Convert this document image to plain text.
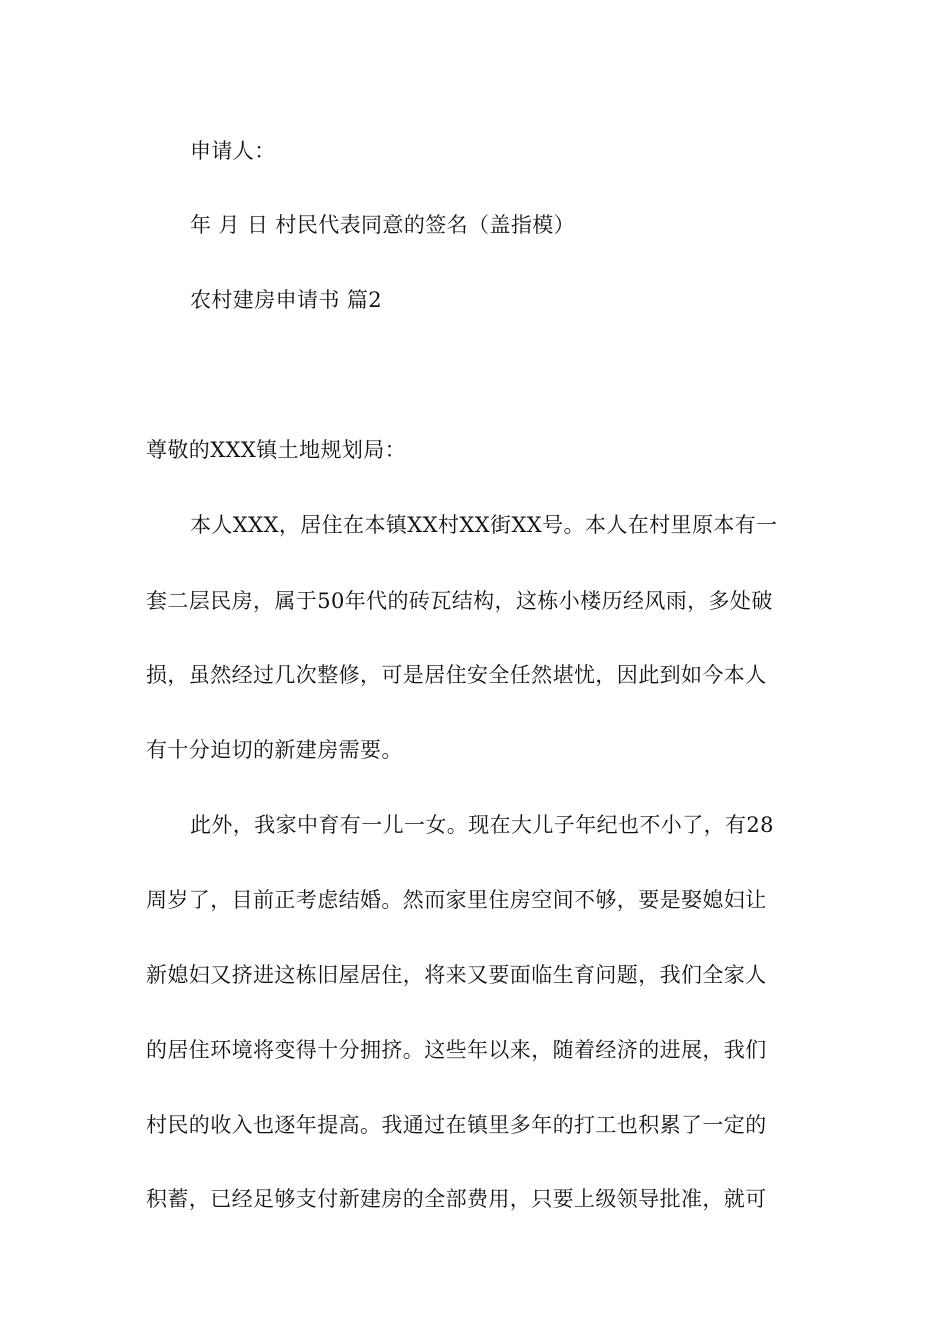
申请人：
年 月 日 村民代表同意的签名（盖指模）
农村建房申请书 篇2
尊敬的XXX镇土地规划局：
本人XXX，居住在本镇XX村XX街XX号。本人在村里原本有一
套二层民房，属于50年代的砖瓦结构，这栋小楼历经风雨，多处破
损，虽然经过几次整修，可是居住安全任然堪忧，因此到如今本人
有十分迫切的新建房需要。
此外，我家中育有一儿一女。现在大儿子年纪也不小了，有28
周岁了，目前正考虑结婚。然而家里住房空间不够，要是娶媳妇让
新媳妇又挤进这栋旧屋居住，将来又要面临生育问题，我们全家人
的居住环境将变得十分拥挤。这些年以来，随着经济的进展，我们
村民的收入也逐年提高。我通过在镇里多年的打工也积累了一定的
积蓄，已经足够支付新建房的全部费用，只要上级领导批准，就可
